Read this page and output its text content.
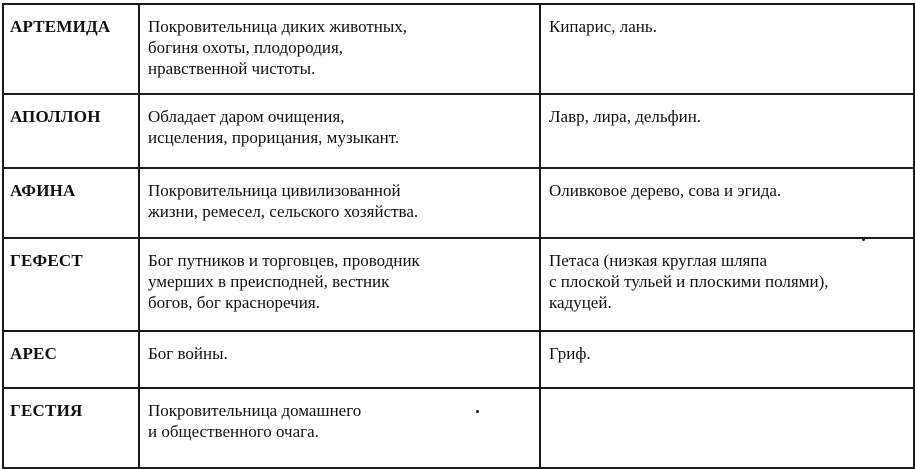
АРТЕМИДА	Покровительница диких животных,
богиня охоты, плодородия,
нравственной чистоты.	Кипарис, лань.
АПОЛЛОН	Обладает даром очищения,
исцеления, прорицания, музыкант.	Лавр, лира, дельфин.
АФИНА	Покровительница цивилизованной
жизни, ремесел, сельского хозяйства.	Оливковое дерево, сова и эгида.
ГЕФЕСТ	Бог путников и торговцев, проводник
умерших в преисподней, вестник
богов, бог красноречия.	Петаса (низкая круглая шляпа
с плоской тульей и плоскими полями),
кадуцей.
АРЕС	Бог войны.	Гриф.
ГЕСТИЯ	Покровительница домашнего
и общественного очага.	
